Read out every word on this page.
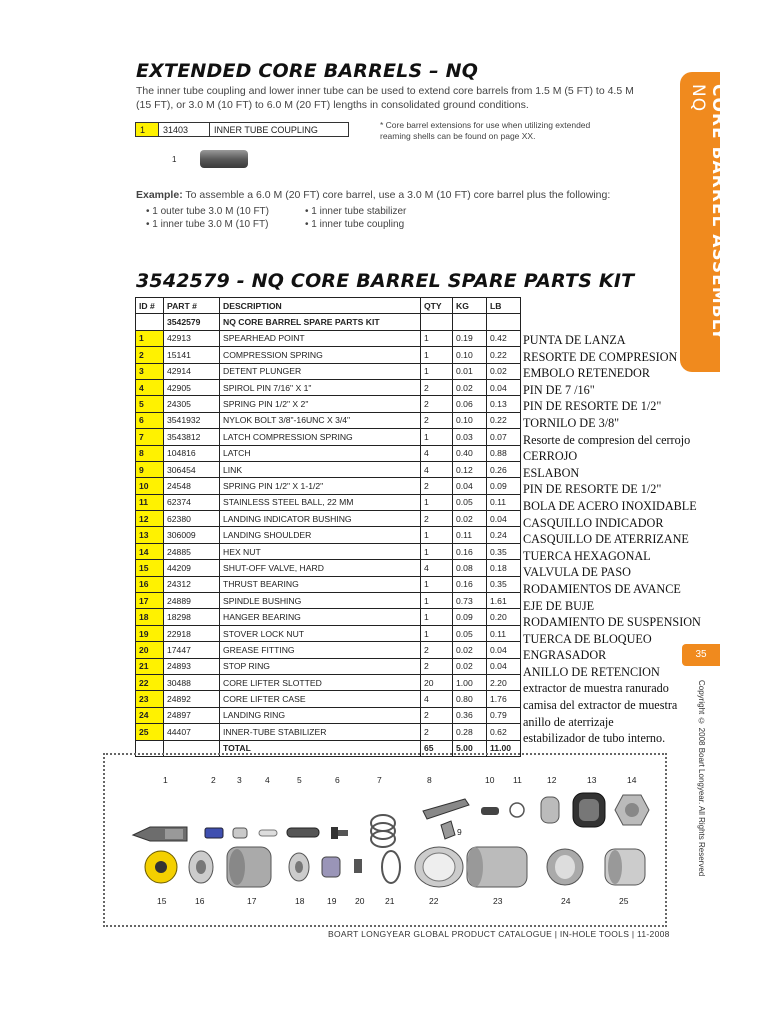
EXTENDED CORE BARRELS – NQ
The inner tube coupling and lower inner tube can be used to extend core barrels from 1.5 M (5 FT) to 4.5 M
(15 FT), or 3.0 M (10 FT) to 6.0 M (20 FT) lengths in consolidated ground conditions.
1	31403	INNER TUBE COUPLING	* Core barrel extensions for use when utilizing extended
reaming shells can be found on page XX.
1
Example: To assemble a 6.0 M (20 FT) core barrel, use a 3.0 M (10 FT) core barrel plus the following:
• 1 outer tube 3.0 M (10 FT)
• 1 inner tube 3.0 M (10 FT)
• 1 inner tube stabilizer
• 1 inner tube coupling	CORE BARREL ASSEMBLY NQ
3542579 - NQ CORE BARREL SPARE PARTS KIT
ID #	PART #	DESCRIPTION	QTY	KG	LB
	3542579	NQ CORE BARREL SPARE PARTS KIT			
1	42913	SPEARHEAD POINT	1	0.19	0.42
2	15141	COMPRESSION SPRING	1	0.10	0.22
3	42914	DETENT PLUNGER	1	0.01	0.02
4	42905	SPIROL PIN 7/16" X 1"	2	0.02	0.04
5	24305	SPRING PIN 1/2" X 2"	2	0.06	0.13
6	3541932	NYLOK BOLT 3/8"-16UNC X 3/4"	2	0.10	0.22
7	3543812	LATCH COMPRESSION SPRING	1	0.03	0.07
8	104816	LATCH	4	0.40	0.88
9	306454	LINK	4	0.12	0.26
10	24548	SPRING PIN 1/2" X 1-1/2"	2	0.04	0.09
11	62374	STAINLESS STEEL BALL, 22 MM	1	0.05	0.11
12	62380	LANDING INDICATOR BUSHING	2	0.02	0.04
13	306009	LANDING SHOULDER	1	0.11	0.24
14	24885	HEX NUT	1	0.16	0.35
15	44209	SHUT-OFF VALVE, HARD	4	0.08	0.18
16	24312	THRUST BEARING	1	0.16	0.35
17	24889	SPINDLE BUSHING	1	0.73	1.61
18	18298	HANGER BEARING	1	0.09	0.20
19	22918	STOVER LOCK NUT	1	0.05	0.11
20	17447	GREASE FITTING	2	0.02	0.04
21	24893	STOP RING	2	0.02	0.04
22	30488	CORE LIFTER SLOTTED	20	1.00	2.20
23	24892	CORE LIFTER CASE	4	0.80	1.76
24	24897	LANDING RING	2	0.36	0.79
25	44407	INNER-TUBE STABILIZER	2	0.28	0.62
		TOTAL	65	5.00	11.00
PUNTA DE LANZA
RESORTE DE COMPRESION
EMBOLO RETENEDOR
PIN DE 7 /16"
PIN DE RESORTE DE 1/2"
TORNILO DE 3/8"
Resorte de compresion del cerrojo
CERROJO
ESLABON
PIN DE RESORTE DE 1/2"
BOLA DE ACERO INOXIDABLE
CASQUILLO INDICADOR
CASQUILLO DE ATERRIZANE
TUERCA HEXAGONAL
VALVULA DE PASO
RODAMIENTOS DE AVANCE
EJE DE BUJE
RODAMIENTO DE SUSPENSION
TUERCA DE BLOQUEO
ENGRASADOR
ANILLO DE RETENCION
extractor de muestra ranurado
camisa del extractor de muestra
anillo de aterrizaje
estabilizador de tubo interno.
35
Copyright © 2008 Boart Longyear. All Rights Reserved
1	2	3	4	5	6	7	8	10 11	12	13	14
9
15	16	17	18	19 20 21	22	23	24	25
BOART LONGYEAR GLOBAL PRODUCT CATALOGUE | IN-HOLE TOOLS | 11-2008
